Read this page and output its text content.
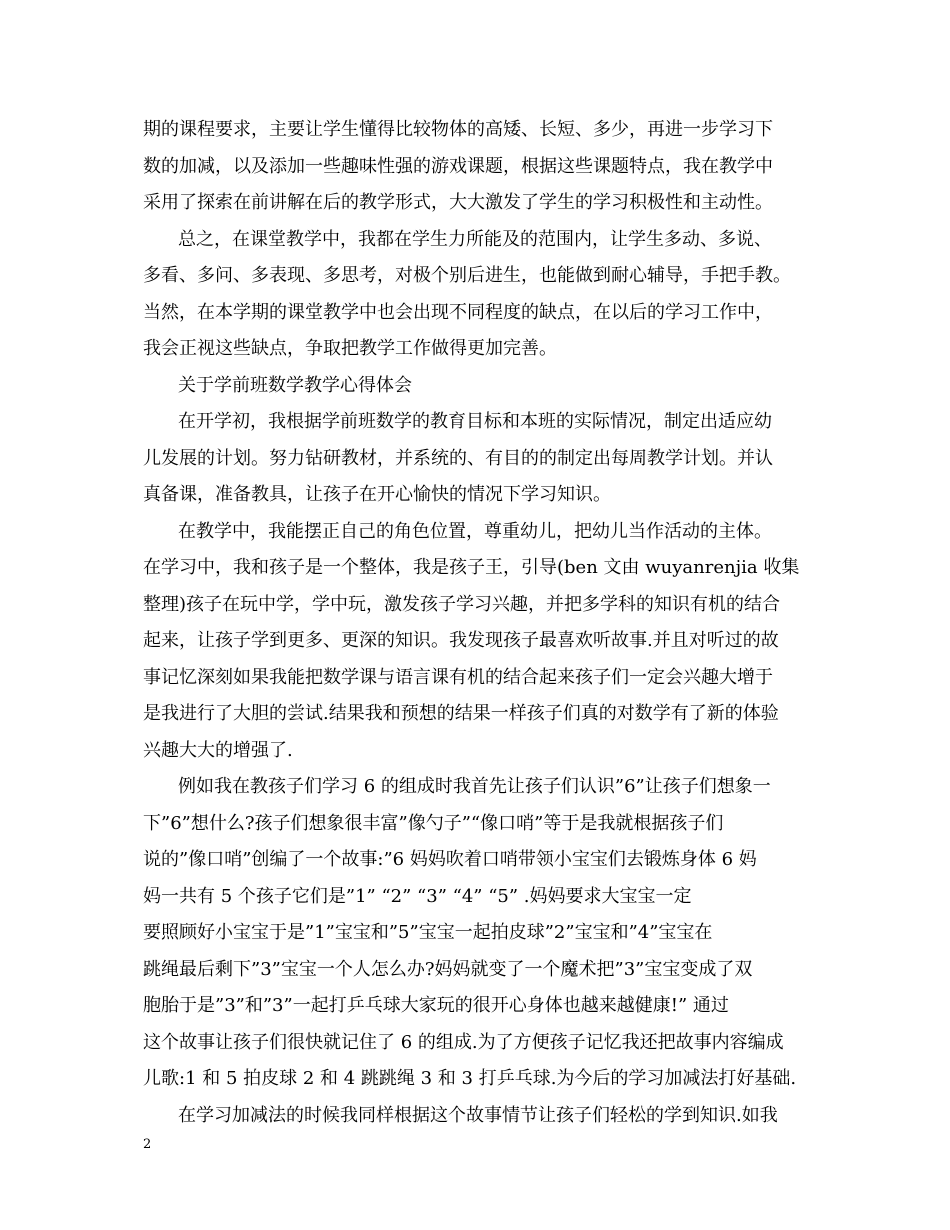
期的课程要求，主要让学生懂得比较物体的高矮、长短、多少，再进一步学习下
数的加减，以及添加一些趣味性强的游戏课题，根据这些课题特点，我在教学中
采用了探索在前讲解在后的教学形式，大大激发了学生的学习积极性和主动性。
总之，在课堂教学中，我都在学生力所能及的范围内，让学生多动、多说、
多看、多问、多表现、多思考，对极个别后进生，也能做到耐心辅导，手把手教。
当然，在本学期的课堂教学中也会出现不同程度的缺点，在以后的学习工作中，
我会正视这些缺点，争取把教学工作做得更加完善。
关于学前班数学教学心得体会
在开学初，我根据学前班数学的教育目标和本班的实际情况，制定出适应幼
儿发展的计划。努力钻研教材，并系统的、有目的的制定出每周教学计划。并认
真备课，准备教具，让孩子在开心愉快的情况下学习知识。
在教学中，我能摆正自己的角色位置，尊重幼儿，把幼儿当作活动的主体。
在学习中，我和孩子是一个整体，我是孩子王，引导(ben 文由 wuyanrenjia 收集
整理)孩子在玩中学，学中玩，激发孩子学习兴趣，并把多学科的知识有机的结合
起来，让孩子学到更多、更深的知识。我发现孩子最喜欢听故事.并且对听过的故
事记忆深刻如果我能把数学课与语言课有机的结合起来孩子们一定会兴趣大增于
是我进行了大胆的尝试.结果我和预想的结果一样孩子们真的对数学有了新的体验
兴趣大大的增强了.
例如我在教孩子们学习 6 的组成时我首先让孩子们认识”6”让孩子们想象一
下”6”想什么?孩子们想象很丰富”像勺子”“像口哨”等于是我就根据孩子们
说的”像口哨”创编了一个故事:”6 妈妈吹着口哨带领小宝宝们去锻炼身体 6 妈
妈一共有 5 个孩子它们是”1” “2” “3” “4” “5” .妈妈要求大宝宝一定
要照顾好小宝宝于是”1”宝宝和”5”宝宝一起拍皮球”2”宝宝和”4”宝宝在
跳绳最后剩下”3”宝宝一个人怎么办?妈妈就变了一个魔术把”3”宝宝变成了双
胞胎于是”3”和”3”一起打乒乓球大家玩的很开心身体也越来越健康!” 通过
这个故事让孩子们很快就记住了 6 的组成.为了方便孩子记忆我还把故事内容编成
儿歌:1 和 5 拍皮球 2 和 4 跳跳绳 3 和 3 打乒乓球.为今后的学习加减法打好基础.
在学习加减法的时候我同样根据这个故事情节让孩子们轻松的学到知识.如我
2
